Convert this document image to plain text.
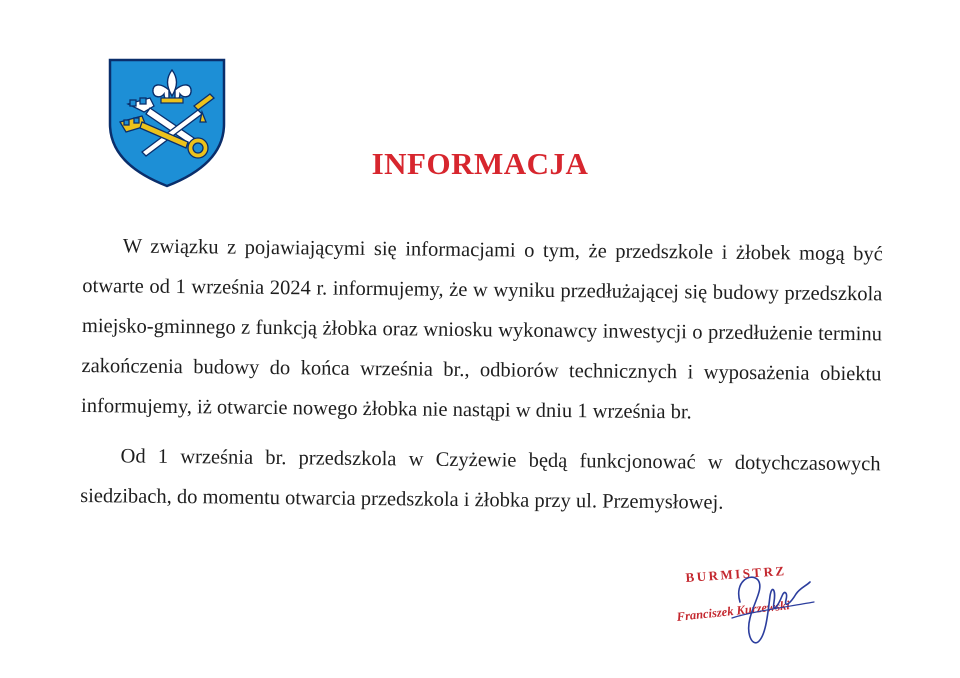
INFORMACJA

W związku z pojawiającymi się informacjami o tym, że przedszkole i żłobek mogą być otwarte od 1 września 2024 r. informujemy, że w wyniku przedłużającej się budowy przedszkola miejsko-gminnego z funkcją żłobka oraz wniosku wykonawcy inwestycji o przedłużenie terminu zakończenia budowy do końca września br., odbiorów technicznych i wyposażenia obiektu informujemy, iż otwarcie nowego żłobka nie nastąpi w dniu 1 września br.

Od 1 września br. przedszkola w Czyżewie będą funkcjonować w dotychczasowych siedzibach, do momentu otwarcia przedszkola i żłobka przy ul. Przemysłowej.

BURMISTRZ
Franciszek Kurzewski
